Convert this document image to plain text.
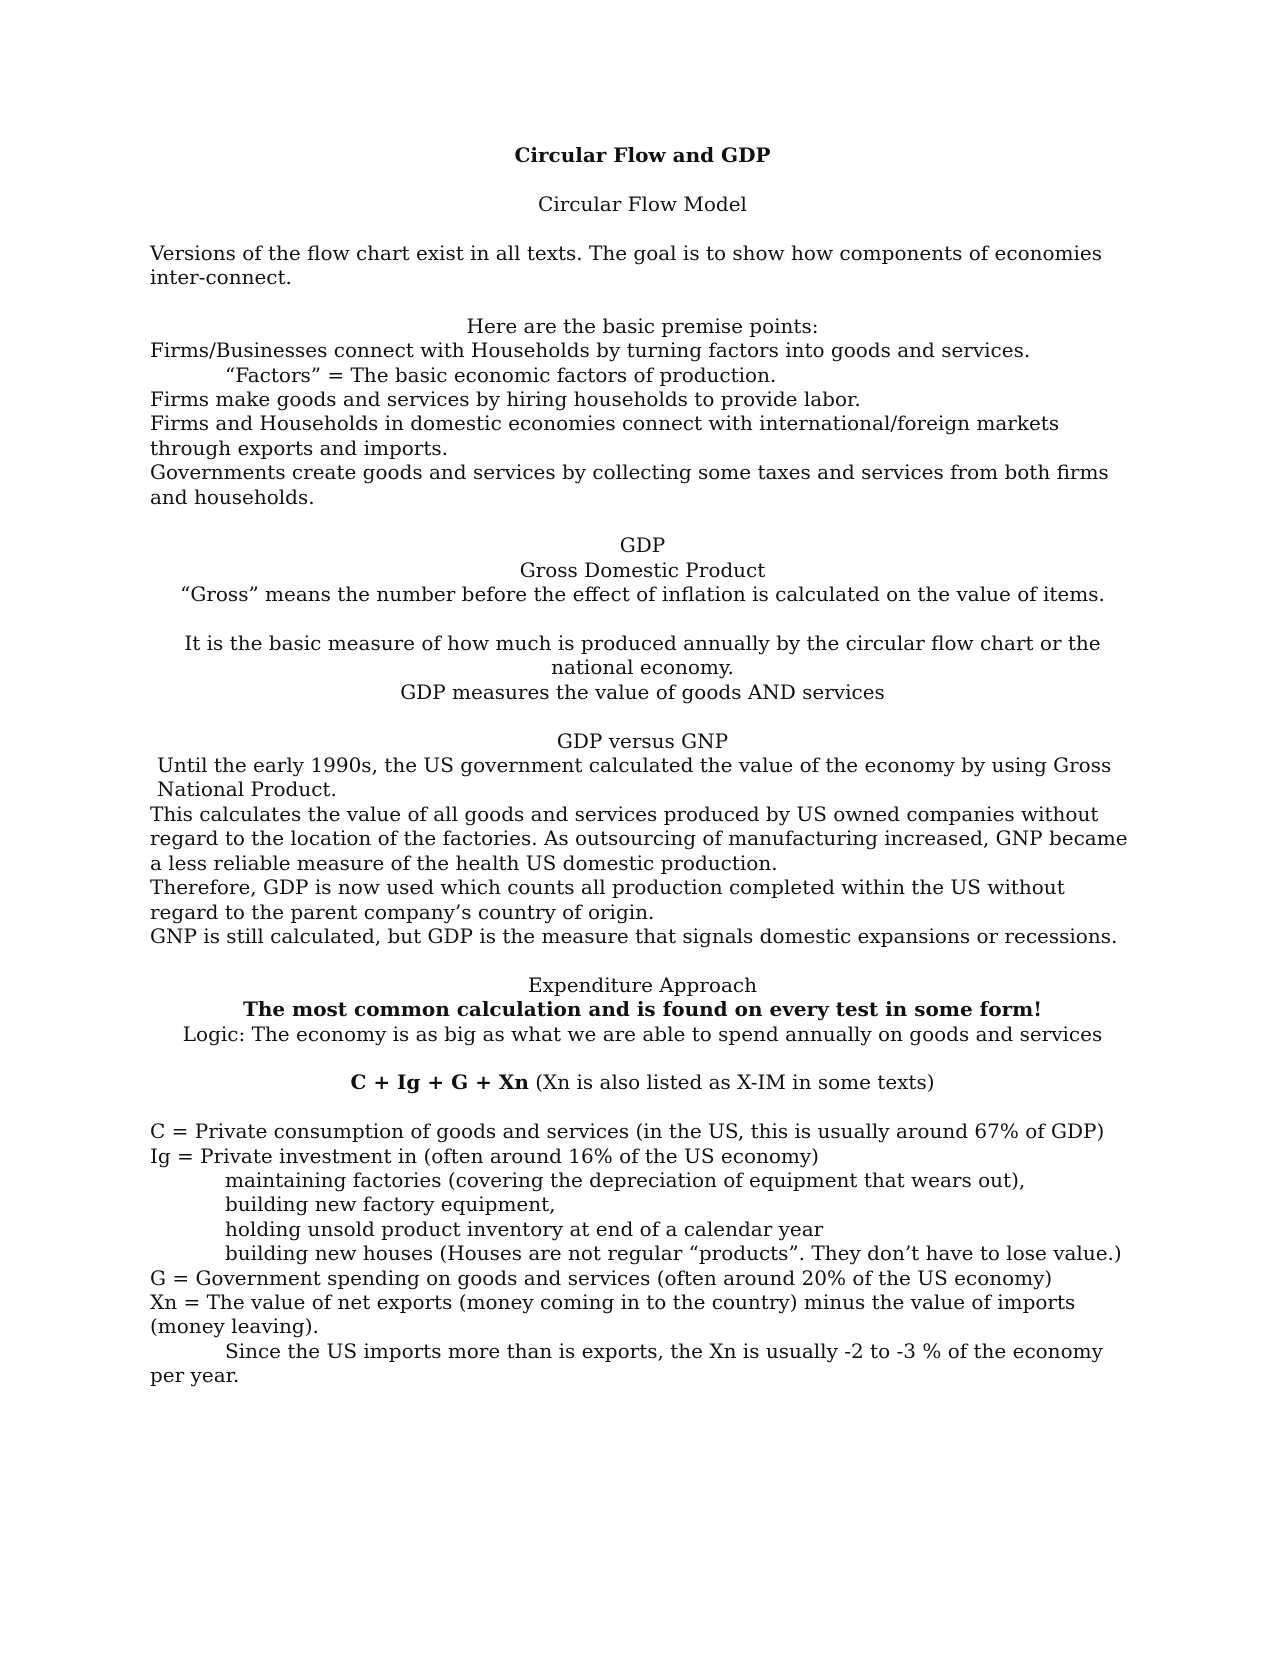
Circular Flow and GDP

Circular Flow Model

Versions of the flow chart exist in all texts. The goal is to show how components of economies inter-connect.

Here are the basic premise points:

Firms/Businesses connect with Households by turning factors into goods and services.

“Factors” = The basic economic factors of production.

Firms make goods and services by hiring households to provide labor.

Firms and Households in domestic economies connect with international/foreign markets through exports and imports.

Governments create goods and services by collecting some taxes and services from both firms and households.

GDP

Gross Domestic Product

“Gross” means the number before the effect of inflation is calculated on the value of items.

It is the basic measure of how much is produced annually by the circular flow chart or the national economy.

GDP measures the value of goods AND services

GDP versus GNP

Until the early 1990s, the US government calculated the value of the economy by using Gross National Product.

This calculates the value of all goods and services produced by US owned companies without regard to the location of the factories. As outsourcing of manufacturing increased, GNP became a less reliable measure of the health US domestic production.

Therefore, GDP is now used which counts all production completed within the US without regard to the parent company’s country of origin.

GNP is still calculated, but GDP is the measure that signals domestic expansions or recessions.

Expenditure Approach

The most common calculation and is found on every test in some form!

Logic: The economy is as big as what we are able to spend annually on goods and services

C + Ig + G + Xn (Xn is also listed as X-IM in some texts)

C = Private consumption of goods and services (in the US, this is usually around 67% of GDP)

Ig = Private investment in (often around 16% of the US economy)

maintaining factories (covering the depreciation of equipment that wears out),

building new factory equipment,

holding unsold product inventory at end of a calendar year

building new houses (Houses are not regular “products”. They don’t have to lose value.)

G = Government spending on goods and services (often around 20% of the US economy)

Xn = The value of net exports (money coming in to the country) minus the value of imports (money leaving).

Since the US imports more than is exports, the Xn is usually -2 to -3 % of the economy per year.
